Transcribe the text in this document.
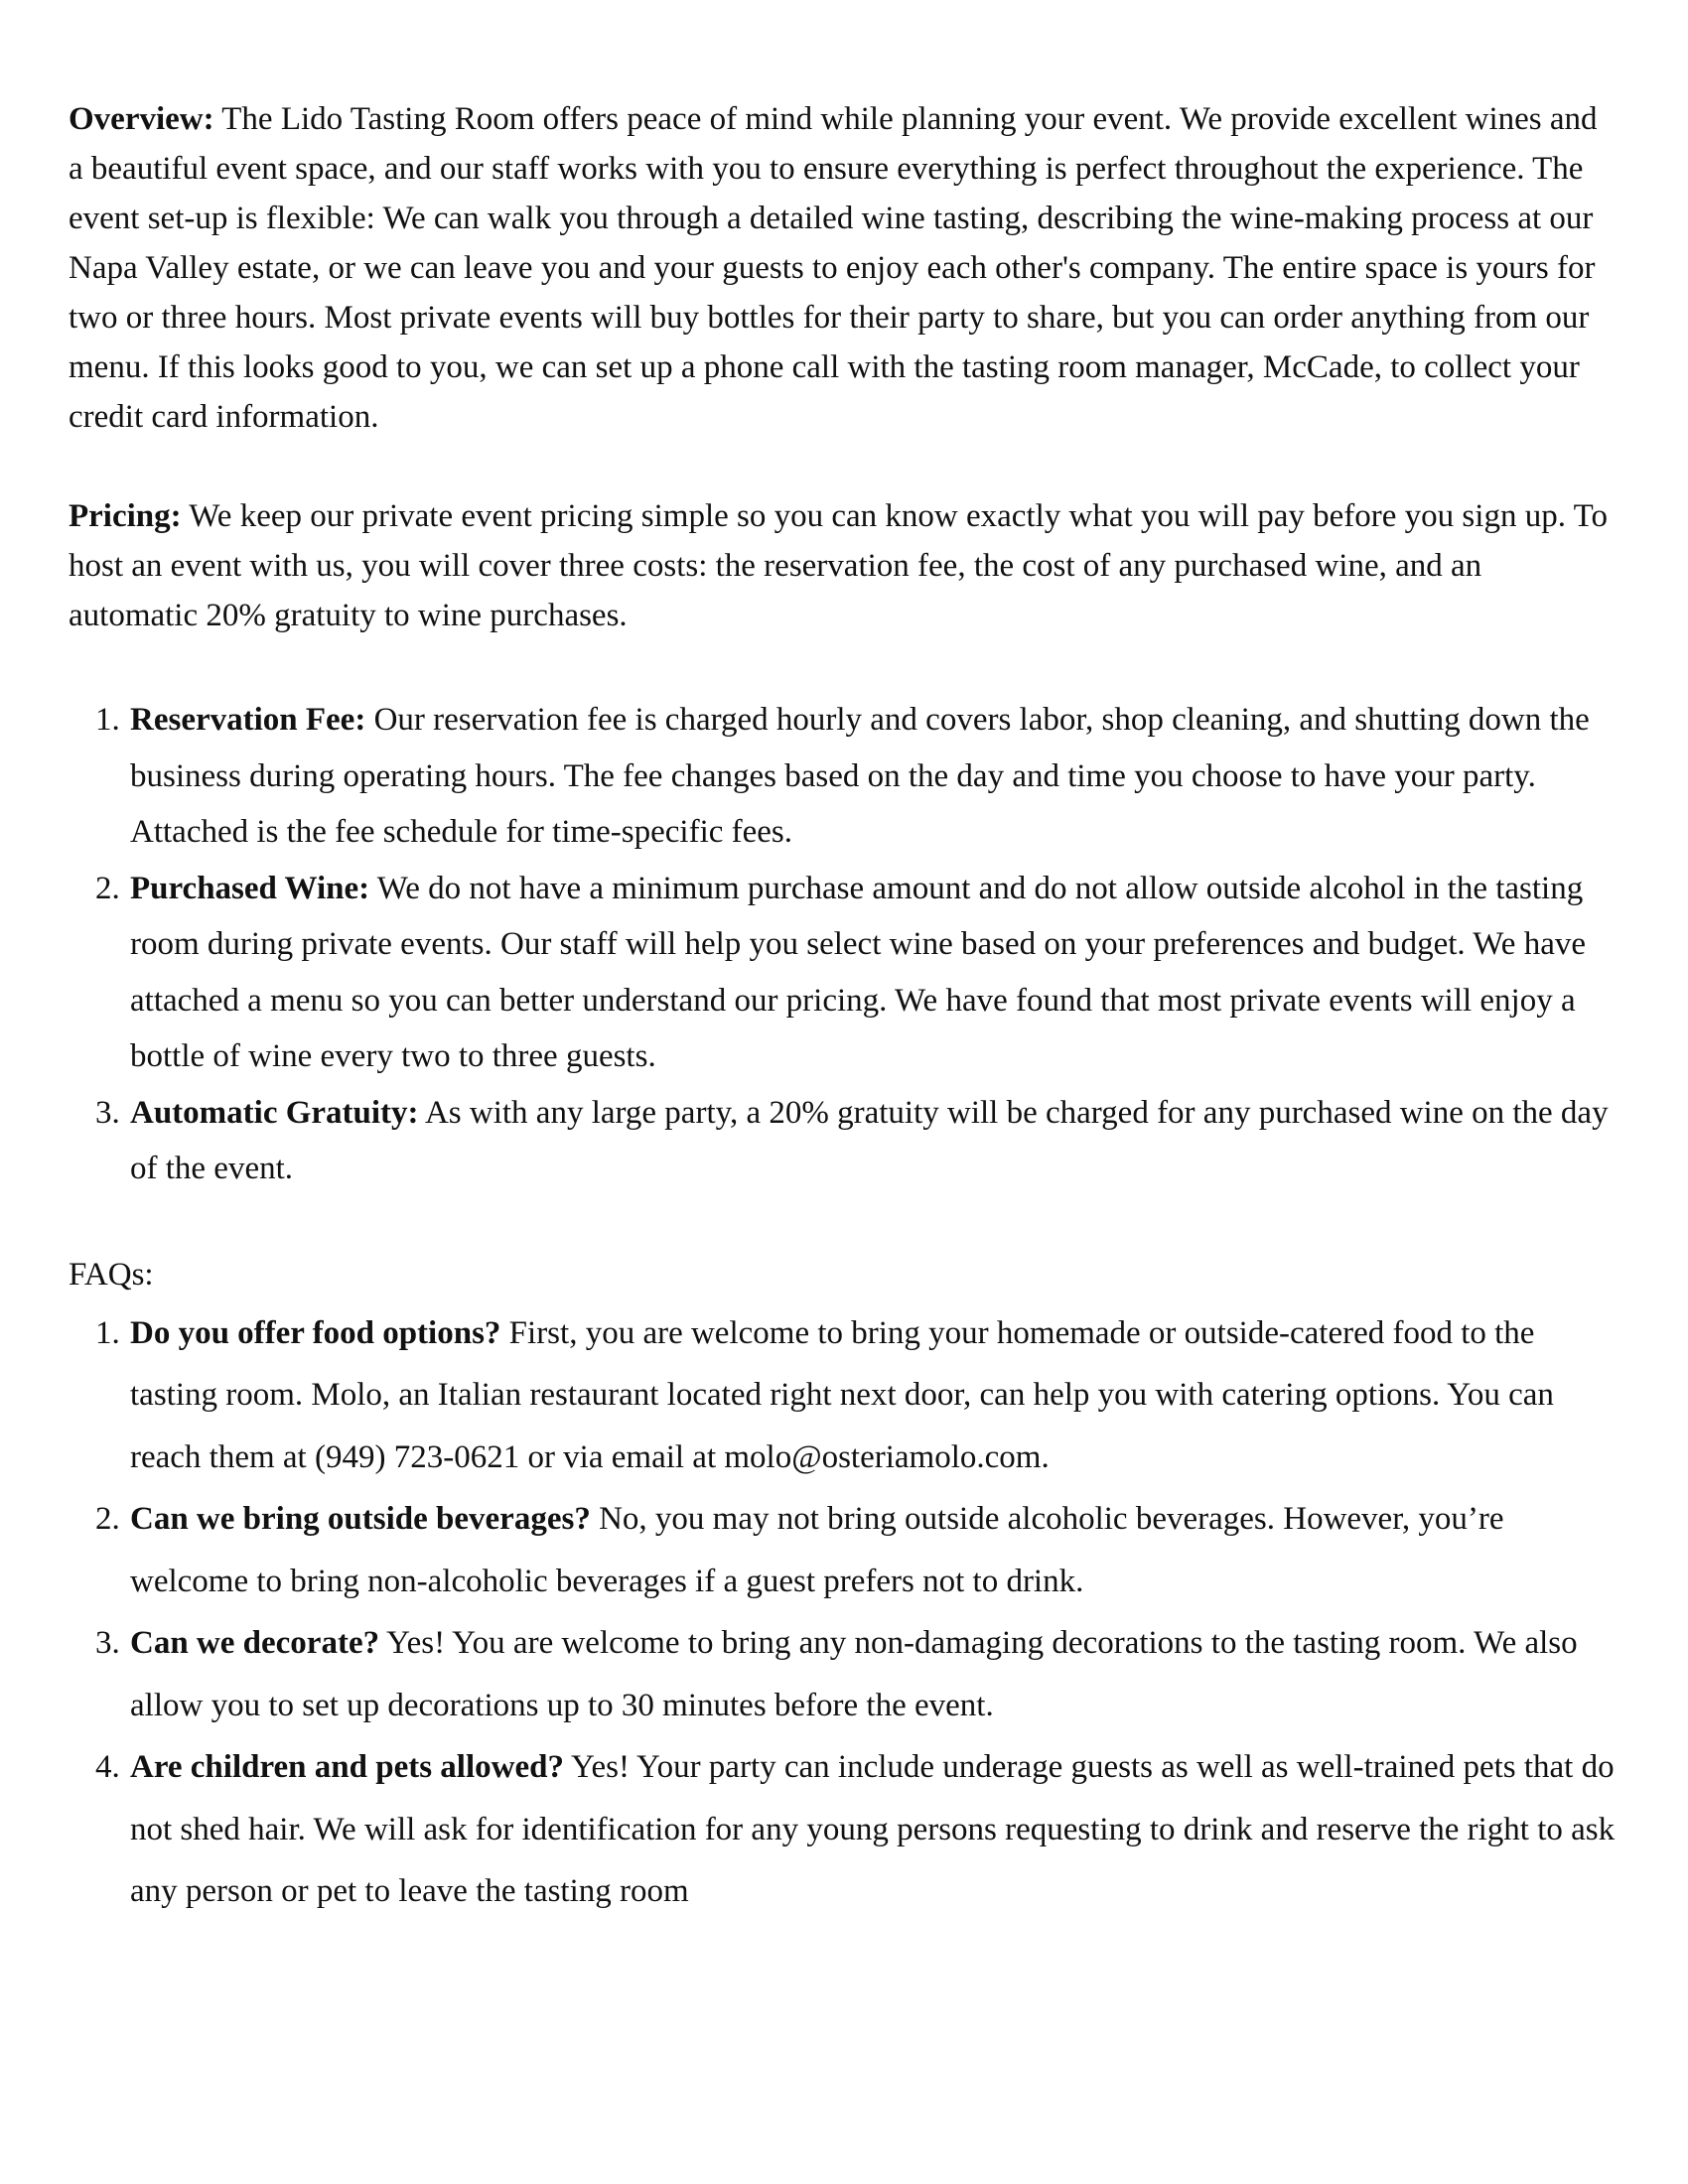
Overview: The Lido Tasting Room offers peace of mind while planning your event. We provide excellent wines and a beautiful event space, and our staff works with you to ensure everything is perfect throughout the experience. The event set-up is flexible: We can walk you through a detailed wine tasting, describing the wine-making process at our Napa Valley estate, or we can leave you and your guests to enjoy each other's company. The entire space is yours for two or three hours. Most private events will buy bottles for their party to share, but you can order anything from our menu. If this looks good to you, we can set up a phone call with the tasting room manager, McCade, to collect your credit card information.

Pricing: We keep our private event pricing simple so you can know exactly what you will pay before you sign up. To host an event with us, you will cover three costs: the reservation fee, the cost of any purchased wine, and an automatic 20% gratuity to wine purchases.

1. Reservation Fee: Our reservation fee is charged hourly and covers labor, shop cleaning, and shutting down the business during operating hours. The fee changes based on the day and time you choose to have your party. Attached is the fee schedule for time-specific fees.
2. Purchased Wine: We do not have a minimum purchase amount and do not allow outside alcohol in the tasting room during private events. Our staff will help you select wine based on your preferences and budget. We have attached a menu so you can better understand our pricing. We have found that most private events will enjoy a bottle of wine every two to three guests.
3. Automatic Gratuity: As with any large party, a 20% gratuity will be charged for any purchased wine on the day of the event.

FAQs:

1. Do you offer food options? First, you are welcome to bring your homemade or outside-catered food to the tasting room. Molo, an Italian restaurant located right next door, can help you with catering options. You can reach them at (949) 723-0621 or via email at molo@osteriamolo.com.
2. Can we bring outside beverages? No, you may not bring outside alcoholic beverages. However, you’re welcome to bring non-alcoholic beverages if a guest prefers not to drink.
3. Can we decorate? Yes! You are welcome to bring any non-damaging decorations to the tasting room. We also allow you to set up decorations up to 30 minutes before the event.
4. Are children and pets allowed? Yes! Your party can include underage guests as well as well-trained pets that do not shed hair. We will ask for identification for any young persons requesting to drink and reserve the right to ask any person or pet to leave the tasting room
